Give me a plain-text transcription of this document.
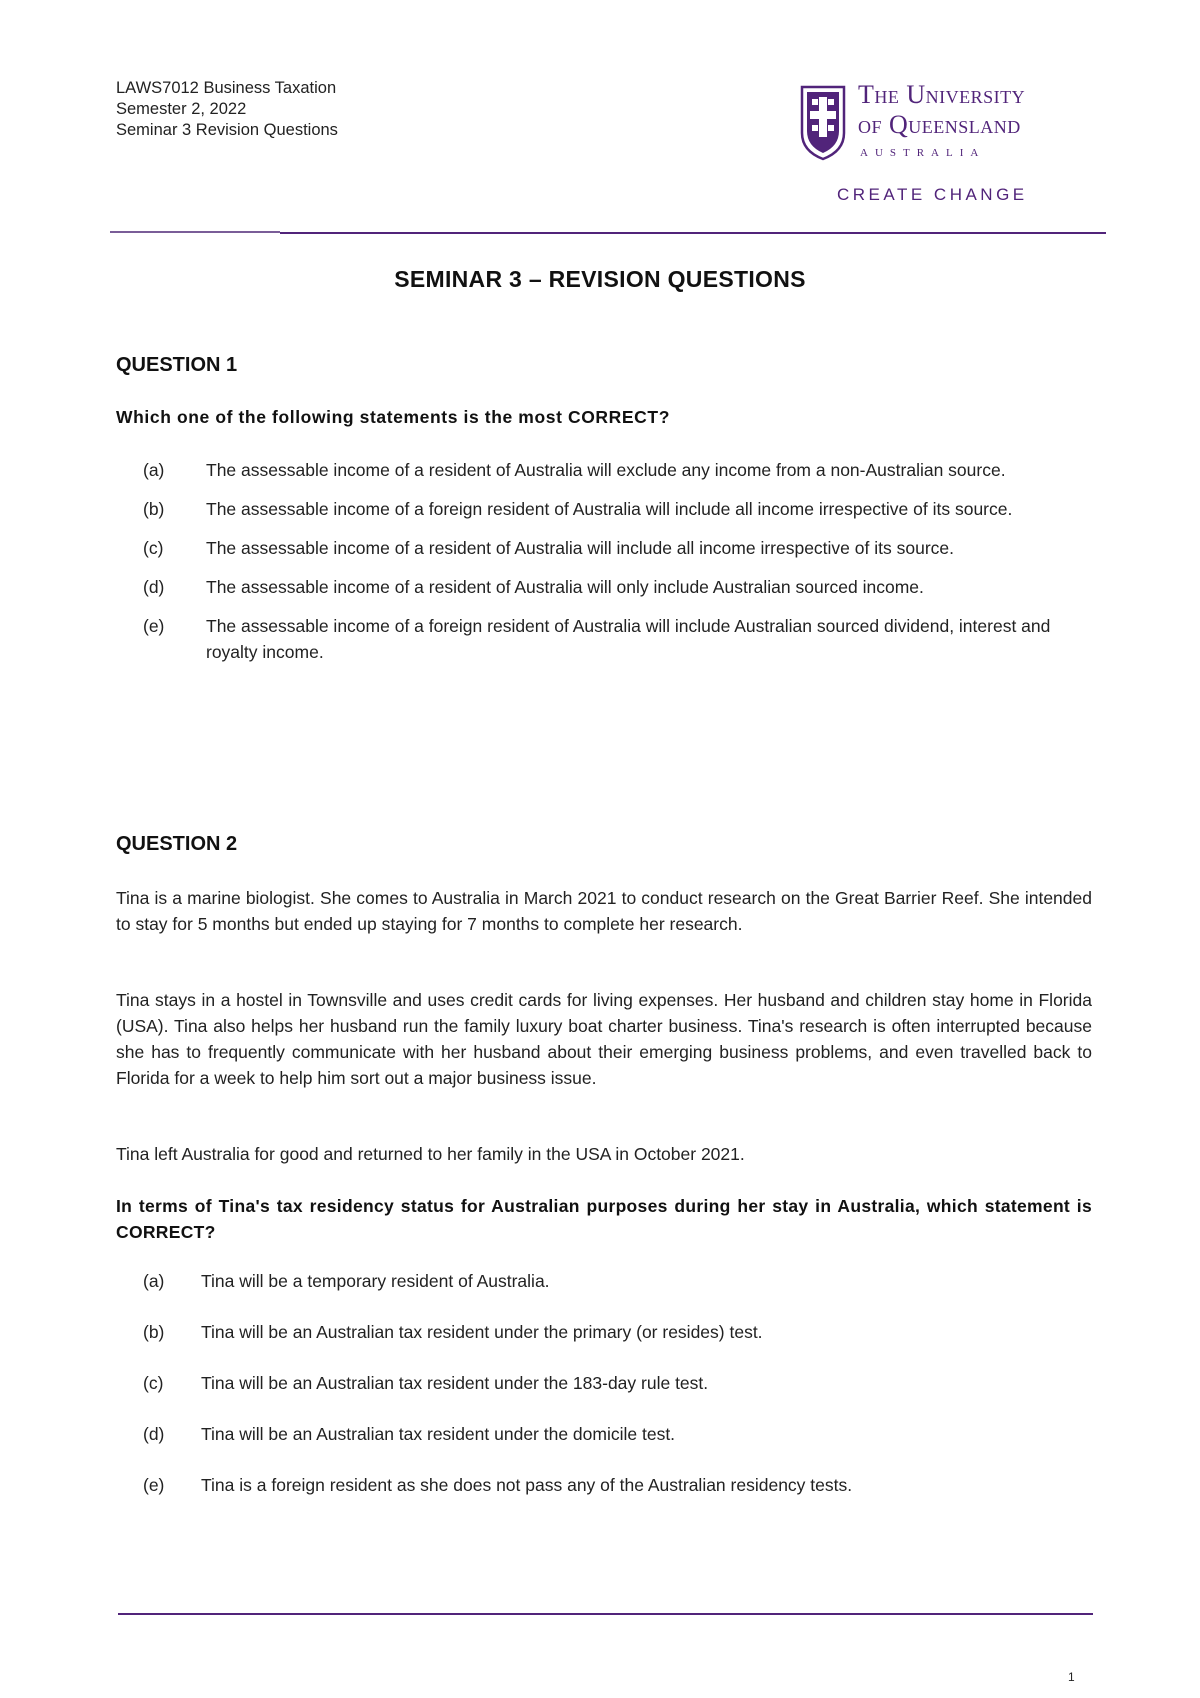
LAWS7012 Business Taxation
Semester 2, 2022
Seminar 3 Revision Questions
The University
of Queensland
AUSTRALIA
CREATE CHANGE
SEMINAR 3 – REVISION QUESTIONS
QUESTION 1
Which one of the following statements is the most CORRECT?
(a)	The assessable income of a resident of Australia will exclude any income from a non-Australian source.
(b)	The assessable income of a foreign resident of Australia will include all income irrespective of its source.
(c)	The assessable income of a resident of Australia will include all income irrespective of its source.
(d)	The assessable income of a resident of Australia will only include Australian sourced income.
(e)	The assessable income of a foreign resident of Australia will include Australian sourced dividend, interest and royalty income.
QUESTION 2
Tina is a marine biologist. She comes to Australia in March 2021 to conduct research on the Great Barrier Reef. She intended to stay for 5 months but ended up staying for 7 months to complete her research.
Tina stays in a hostel in Townsville and uses credit cards for living expenses. Her husband and children stay home in Florida (USA). Tina also helps her husband run the family luxury boat charter business. Tina's research is often interrupted because she has to frequently communicate with her husband about their emerging business problems, and even travelled back to Florida for a week to help him sort out a major business issue.
Tina left Australia for good and returned to her family in the USA in October 2021.
In terms of Tina's tax residency status for Australian purposes during her stay in Australia, which statement is CORRECT?
(a)	Tina will be a temporary resident of Australia.
(b)	Tina will be an Australian tax resident under the primary (or resides) test.
(c)	Tina will be an Australian tax resident under the 183-day rule test.
(d)	Tina will be an Australian tax resident under the domicile test.
(e)	Tina is a foreign resident as she does not pass any of the Australian residency tests.
1
